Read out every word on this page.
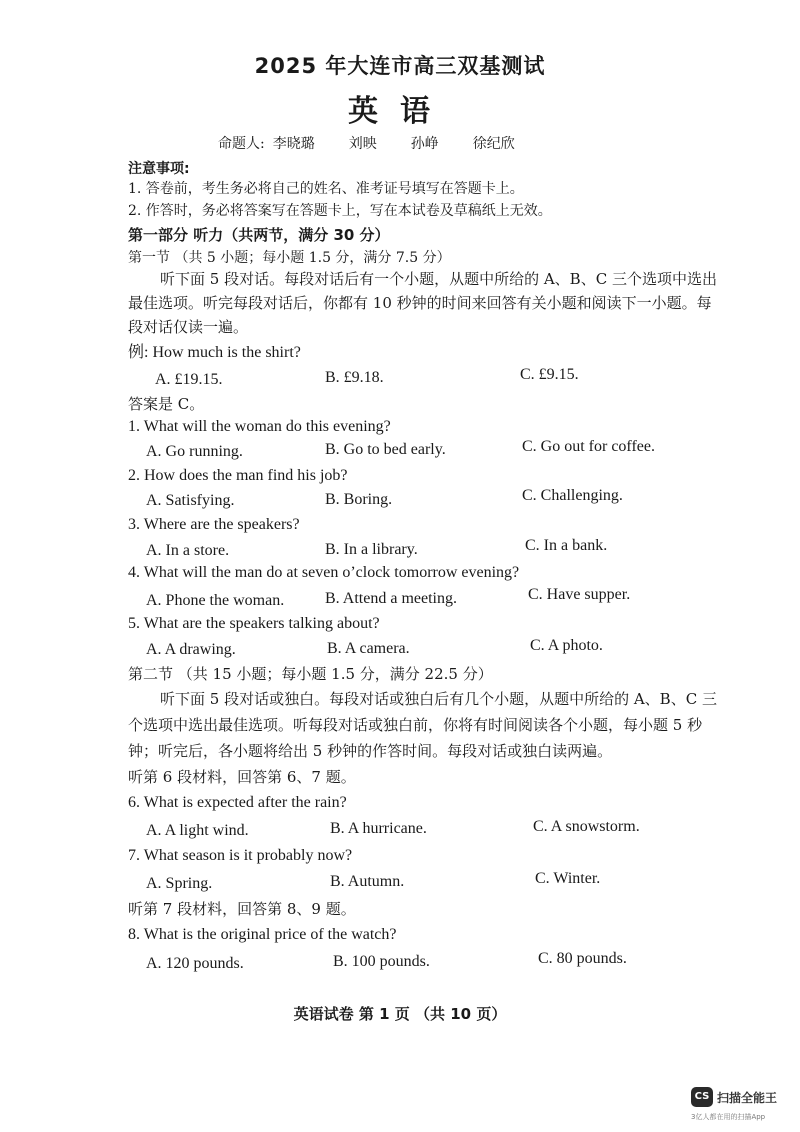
2025 年大连市高三双基测试
英语
命题人: 李晓璐 刘映 孙峥 徐纪欣
注意事项:
1. 答卷前，考生务必将自己的姓名、准考证号填写在答题卡上。
2. 作答时，务必将答案写在答题卡上，写在本试卷及草稿纸上无效。
第一部分 听力（共两节，满分 30 分）
第一节 （共 5 小题；每小题 1.5 分，满分 7.5 分）
听下面 5 段对话。每段对话后有一个小题，从题中所给的 A、B、C 三个选项中选出
最佳选项。听完每段对话后，你都有 10 秒钟的时间来回答有关小题和阅读下一小题。每
段对话仅读一遍。
例: How much is the shirt?
A. £19.15.	B. £9.18.	C. £9.15.
答案是 C。
1. What will the woman do this evening?
A. Go running.	B. Go to bed early.	C. Go out for coffee.
2. How does the man find his job?
A. Satisfying.	B. Boring.	C. Challenging.
3. Where are the speakers?
A. In a store.	B. In a library.	C. In a bank.
4. What will the man do at seven o’clock tomorrow evening?
A. Phone the woman.	B. Attend a meeting.	C. Have supper.
5. What are the speakers talking about?
A. A drawing.	B. A camera.	C. A photo.
第二节 （共 15 小题；每小题 1.5 分，满分 22.5 分）
听下面 5 段对话或独白。每段对话或独白后有几个小题，从题中所给的 A、B、C 三
个选项中选出最佳选项。听每段对话或独白前，你将有时间阅读各个小题，每小题 5 秒
钟；听完后，各小题将给出 5 秒钟的作答时间。每段对话或独白读两遍。
听第 6 段材料，回答第 6、7 题。
6. What is expected after the rain?
A. A light wind.	B. A hurricane.	C. A snowstorm.
7. What season is it probably now?
A. Spring.	B. Autumn.	C. Winter.
听第 7 段材料，回答第 8、9 题。
8. What is the original price of the watch?
A. 120 pounds.	B. 100 pounds.	C. 80 pounds.
英语试卷 第 1 页 （共 10 页）
CS 扫描全能王
3亿人都在用的扫描App
